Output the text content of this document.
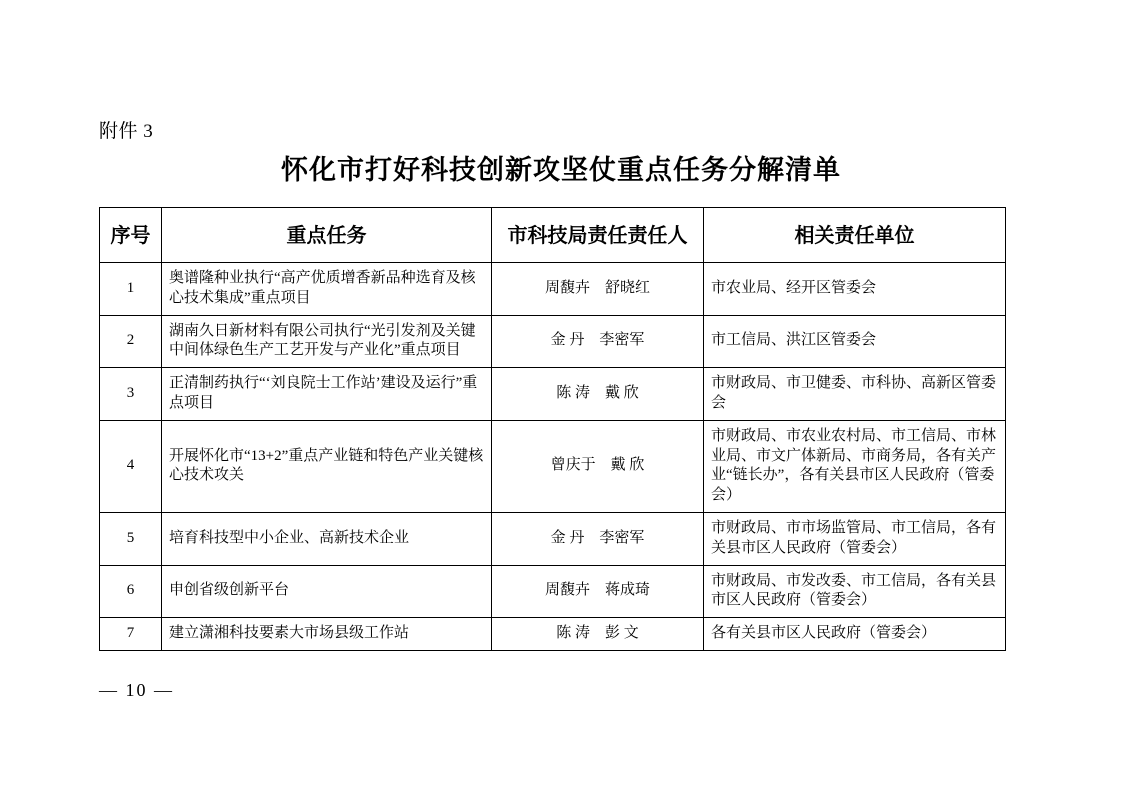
附件 3
怀化市打好科技创新攻坚仗重点任务分解清单
序号	重点任务	市科技局责任责任人	相关责任单位
1	奥谱隆种业执行“高产优质增香新品种选育及核心技术集成”重点项目	周馥卉    舒晓红	市农业局、经开区管委会
2	湖南久日新材料有限公司执行“光引发剂及关键中间体绿色生产工艺开发与产业化”重点项目	金 丹    李密军	市工信局、洪江区管委会
3	正清制药执行“‘刘良院士工作站’建设及运行”重点项目	陈 涛    戴 欣	市财政局、市卫健委、市科协、高新区管委会
4	开展怀化市“13+2”重点产业链和特色产业关键核心技术攻关	曾庆于    戴 欣	市财政局、市农业农村局、市工信局、市林业局、市文广体新局、市商务局，各有关产业“链长办”，各有关县市区人民政府（管委会）
5	培育科技型中小企业、高新技术企业	金 丹    李密军	市财政局、市市场监管局、市工信局，各有关县市区人民政府（管委会）
6	申创省级创新平台	周馥卉    蒋成琦	市财政局、市发改委、市工信局，各有关县市区人民政府（管委会）
7	建立潇湘科技要素大市场县级工作站	陈 涛    彭 文	各有关县市区人民政府（管委会）
— 10 —
